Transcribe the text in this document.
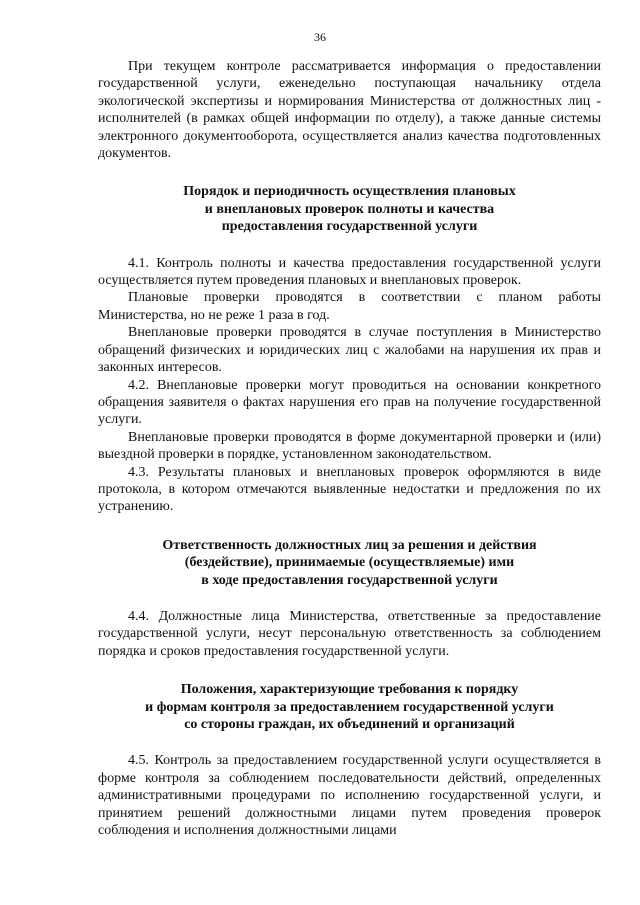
36

При текущем контроле рассматривается информация о предоставлении государственной услуги, еженедельно поступающая начальнику отдела экологической экспертизы и нормирования Министерства от должностных лиц - исполнителей (в рамках общей информации по отделу), а также данные системы электронного документооборота, осуществляется анализ качества подготовленных документов.

Порядок и периодичность осуществления плановых
и внеплановых проверок полноты и качества
предоставления государственной услуги

4.1. Контроль полноты и качества предоставления государственной услуги осуществляется путем проведения плановых и внеплановых проверок.

Плановые проверки проводятся в соответствии с планом работы Министерства, но не реже 1 раза в год.

Внеплановые проверки проводятся в случае поступления в Министерство обращений физических и юридических лиц с жалобами на нарушения их прав и законных интересов.

4.2. Внеплановые проверки могут проводиться на основании конкретного обращения заявителя о фактах нарушения его прав на получение государственной услуги.

Внеплановые проверки проводятся в форме документарной проверки и (или) выездной проверки в порядке, установленном законодательством.

4.3. Результаты плановых и внеплановых проверок оформляются в виде протокола, в котором отмечаются выявленные недостатки и предложения по их устранению.

Ответственность должностных лиц за решения и действия
(бездействие), принимаемые (осуществляемые) ими
в ходе предоставления государственной услуги

4.4. Должностные лица Министерства, ответственные за предоставление государственной услуги, несут персональную ответственность за соблюдением порядка и сроков предоставления государственной услуги.

Положения, характеризующие требования к порядку
и формам контроля за предоставлением государственной услуги
со стороны граждан, их объединений и организаций

4.5. Контроль за предоставлением государственной услуги осуществляется в форме контроля за соблюдением последовательности действий, определенных административными процедурами по исполнению государственной услуги, и принятием решений должностными лицами путем проведения проверок соблюдения и исполнения должностными лицами
